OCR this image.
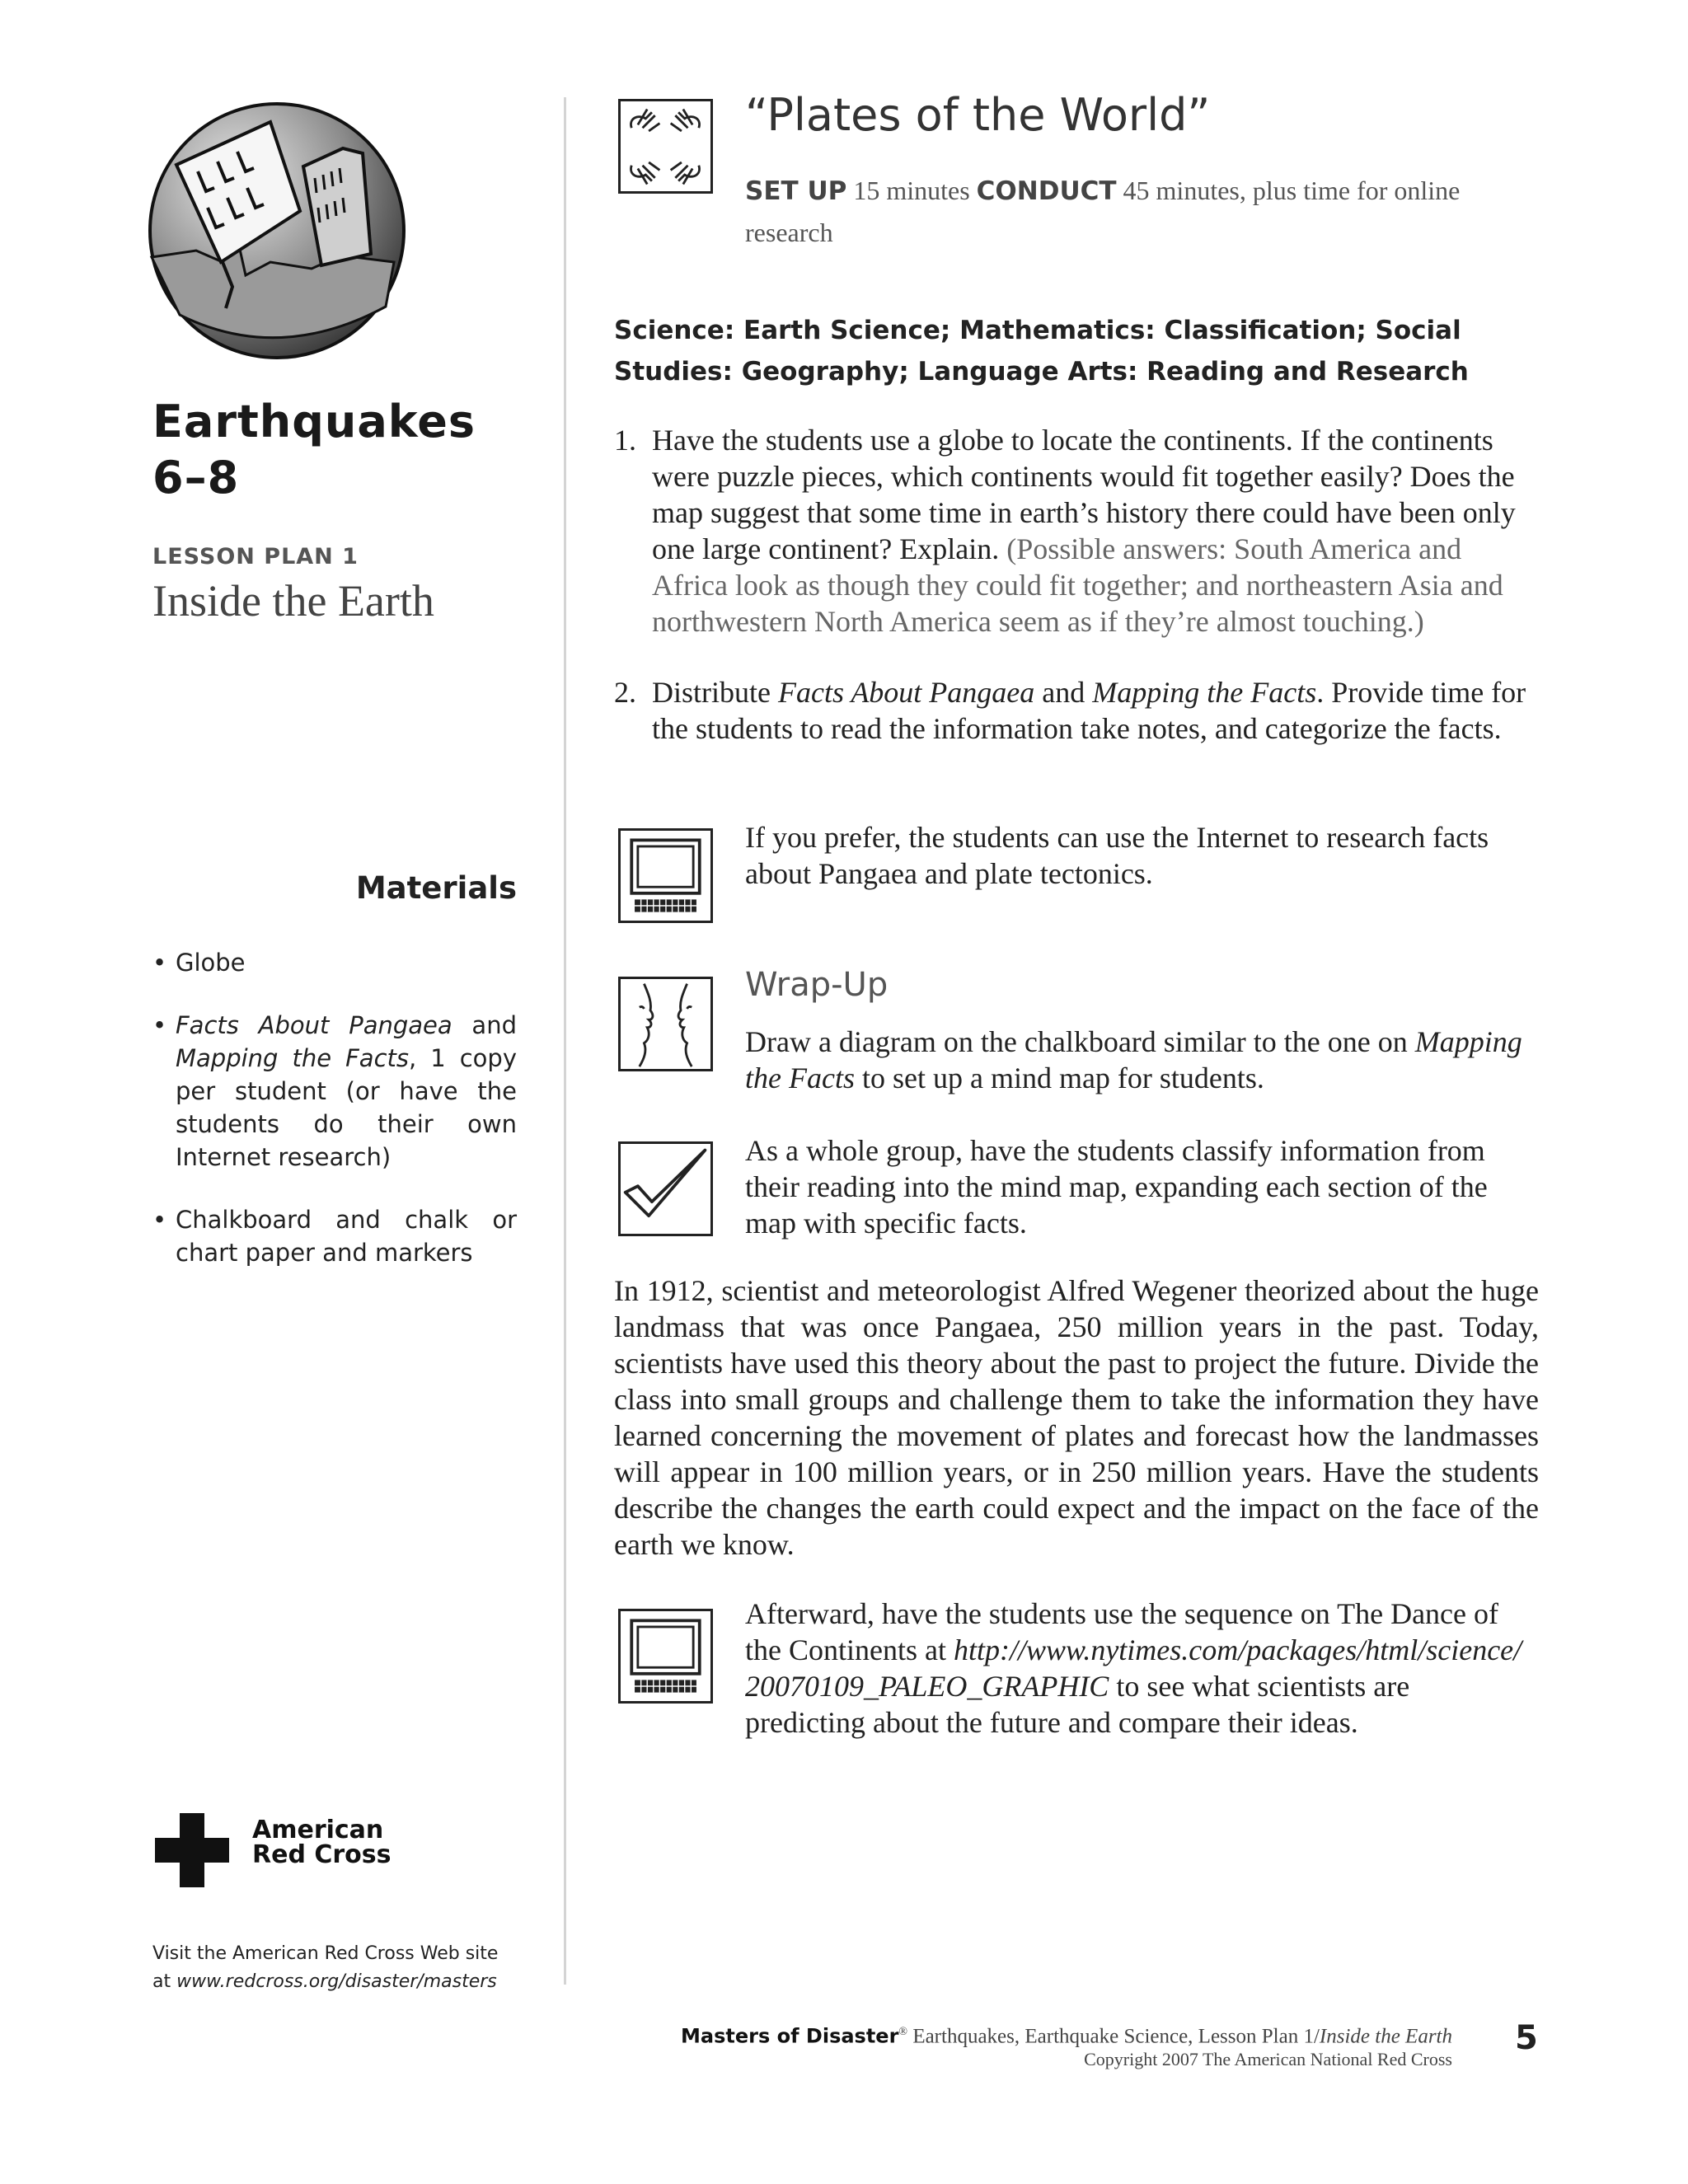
Earthquakes
6–8
LESSON PLAN 1
Inside the Earth
Materials
• Globe
• Facts About Pangaea and Mapping the Facts, 1 copy per student (or have the students do their own Internet research)
• Chalkboard and chalk or chart paper and markers
American
Red Cross
Visit the American Red Cross Web site
at www.redcross.org/disaster/masters
“Plates of the World”
SET UP 15 minutes CONDUCT 45 minutes, plus time for online research
Science: Earth Science; Mathematics: Classification; Social Studies: Geography; Language Arts: Reading and Research
1. Have the students use a globe to locate the continents. If the continents were puzzle pieces, which continents would fit together easily? Does the map suggest that some time in earth’s history there could have been only one large continent? Explain. (Possible answers: South America and Africa look as though they could fit together; and northeastern Asia and northwestern North America seem as if they’re almost touching.)
2. Distribute Facts About Pangaea and Mapping the Facts. Provide time for the students to read the information take notes, and categorize the facts.
If you prefer, the students can use the Internet to research facts about Pangaea and plate tectonics.
Wrap-Up
Draw a diagram on the chalkboard similar to the one on Mapping the Facts to set up a mind map for students.
As a whole group, have the students classify information from their reading into the mind map, expanding each section of the map with specific facts.
In 1912, scientist and meteorologist Alfred Wegener theorized about the huge landmass that was once Pangaea, 250 million years in the past. Today, scientists have used this theory about the past to project the future. Divide the class into small groups and challenge them to take the information they have learned concerning the movement of plates and forecast how the landmasses will appear in 100 million years, or in 250 million years. Have the students describe the changes the earth could expect and the impact on the face of the earth we know.
Afterward, have the students use the sequence on The Dance of the Continents at http://www.nytimes.com/packages/html/science/20070109_PALEO_GRAPHIC to see what scientists are predicting about the future and compare their ideas.
Masters of Disaster® Earthquakes, Earthquake Science, Lesson Plan 1/Inside the Earth
Copyright 2007 The American National Red Cross
5
